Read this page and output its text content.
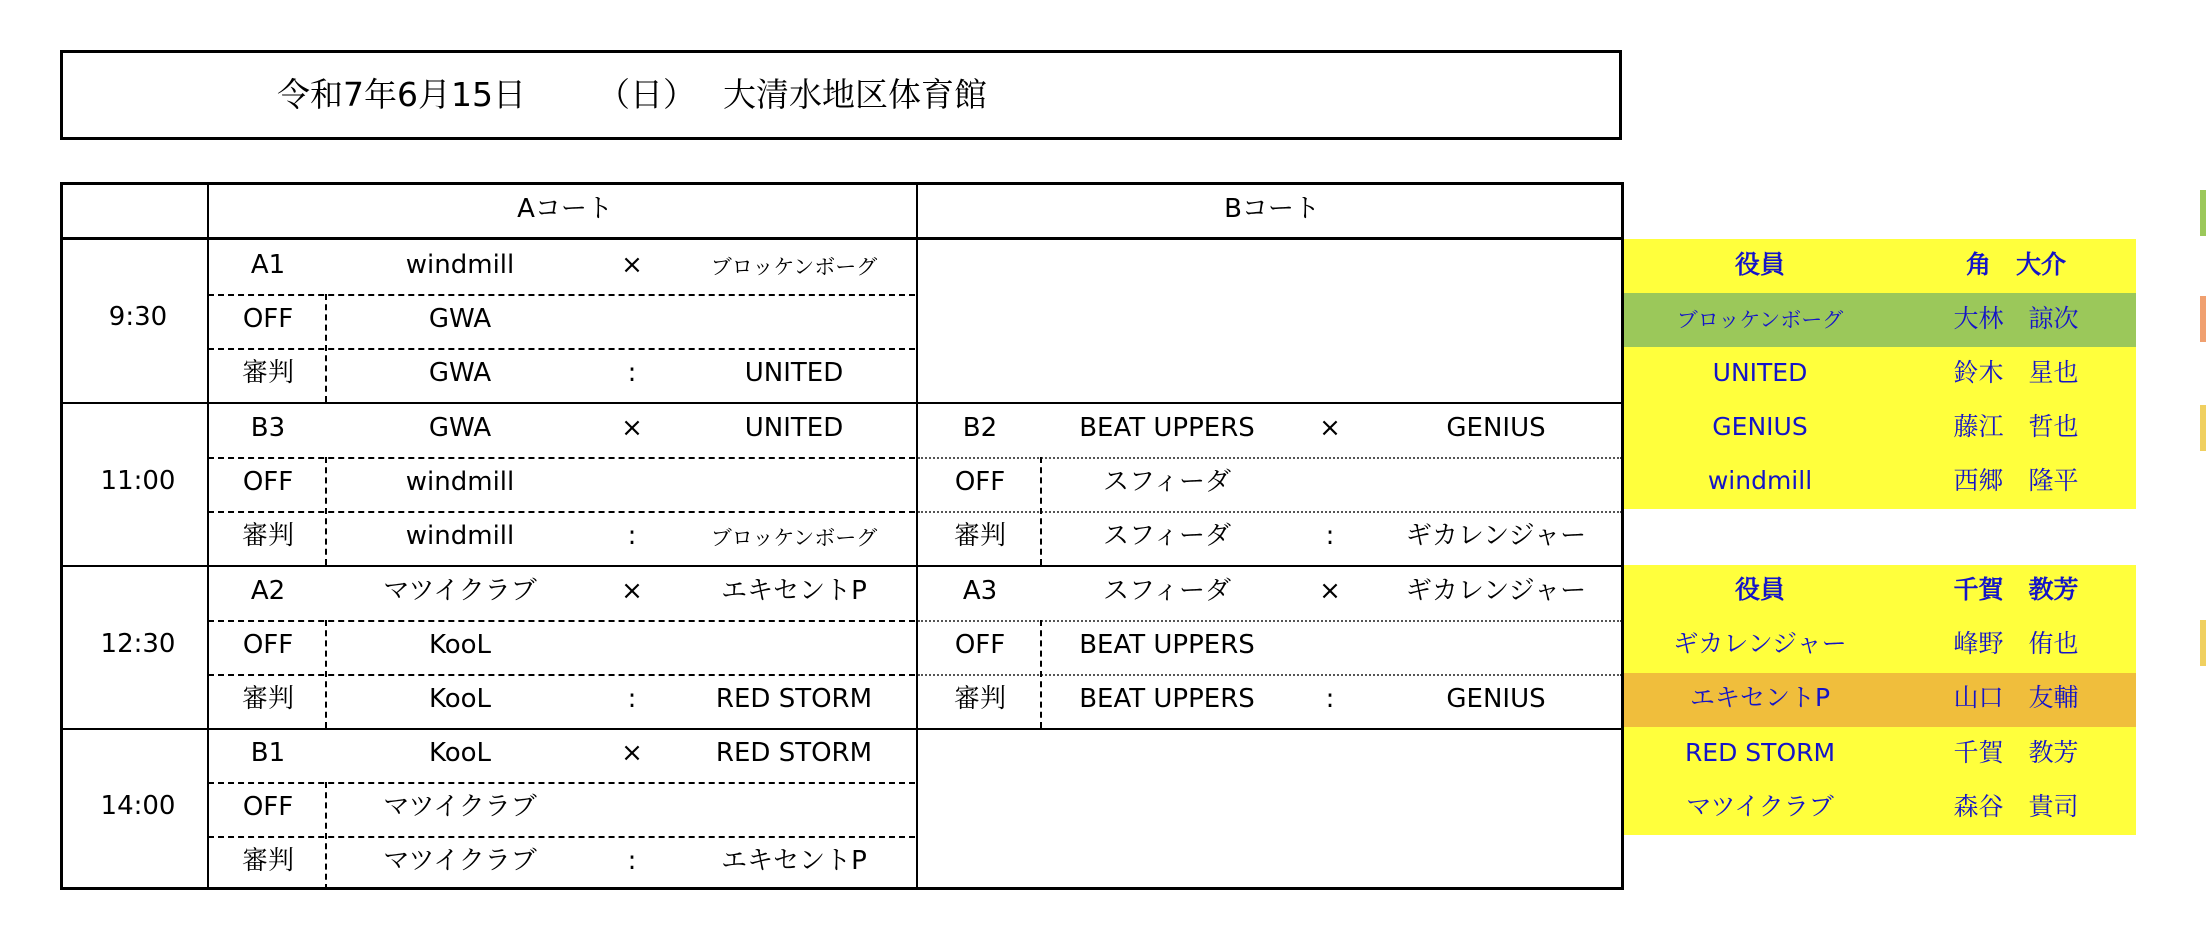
令和7年6月15日 （日） 大清水地区体育館
Aコート	Bコート
9:30
A1	windmill	×	ブロッケンボーグ
OFF	GWA
審判	GWA	:	UNITED
11:00
B3	GWA	×	UNITED
OFF	windmill
審判	windmill	:	ブロッケンボーグ
B2	BEAT UPPERS ×	GENIUS
OFF	スフィーダ
審判	スフィーダ	:	ギカレンジャー
12:30
A2	マツイクラブ	×	エキセントP
OFF	KooL
審判	KooL	:	RED STORM
A3	スフィーダ	×	ギカレンジャー
OFF	BEAT UPPERS
審判	BEAT UPPERS	:	GENIUS
14:00
B1	KooL	×	RED STORM
OFF	マツイクラブ
審判	マツイクラブ	:	エキセントP
役員	角　大介
ブロッケンボーグ	大林　諒次
UNITED	鈴木　星也
GENIUS	藤江　哲也
windmill	西郷　隆平
役員	千賀　教芳
ギカレンジャー	峰野　侑也
エキセントP	山口　友輔
RED STORM	千賀　教芳
マツイクラブ	森谷　貴司
